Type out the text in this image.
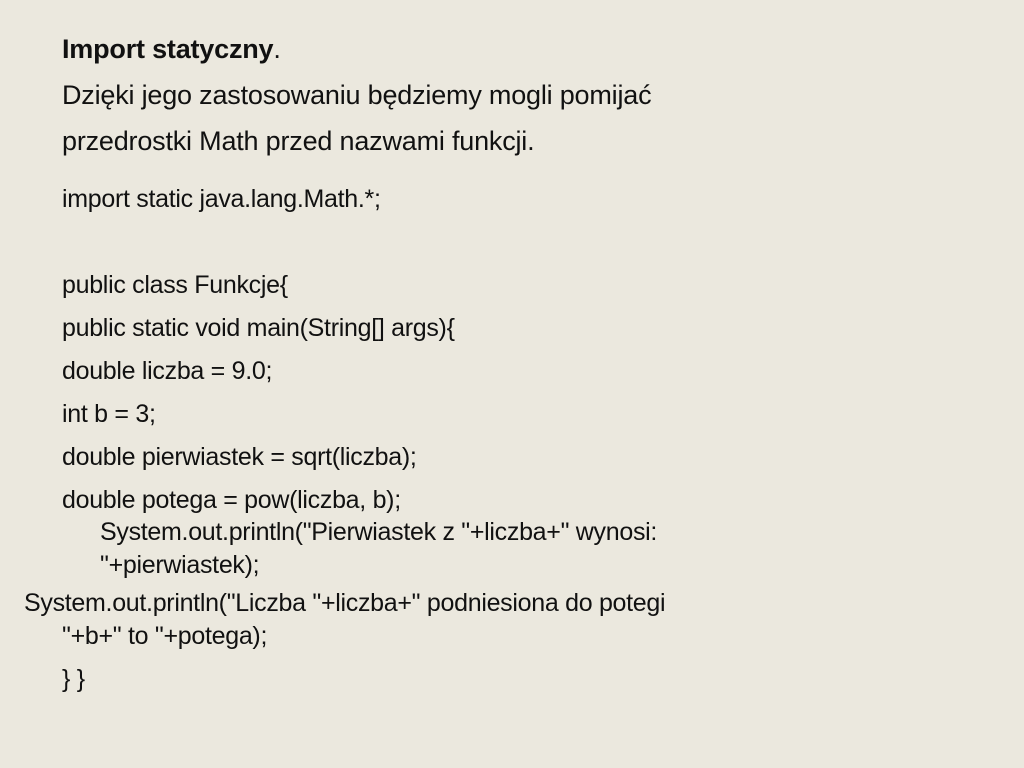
Import statyczny.
Dzięki jego zastosowaniu będziemy mogli pomijać
przedrostki Math przed nazwami funkcji.
import static java.lang.Math.*;
public class Funkcje{
public static void main(String[] args){
double liczba = 9.0;
int b = 3;
double pierwiastek = sqrt(liczba);
double potega = pow(liczba, b);
System.out.println("Pierwiastek z "+liczba+" wynosi:
"+pierwiastek);
System.out.println("Liczba "+liczba+" podniesiona do potegi
"+b+" to "+potega);
} }
